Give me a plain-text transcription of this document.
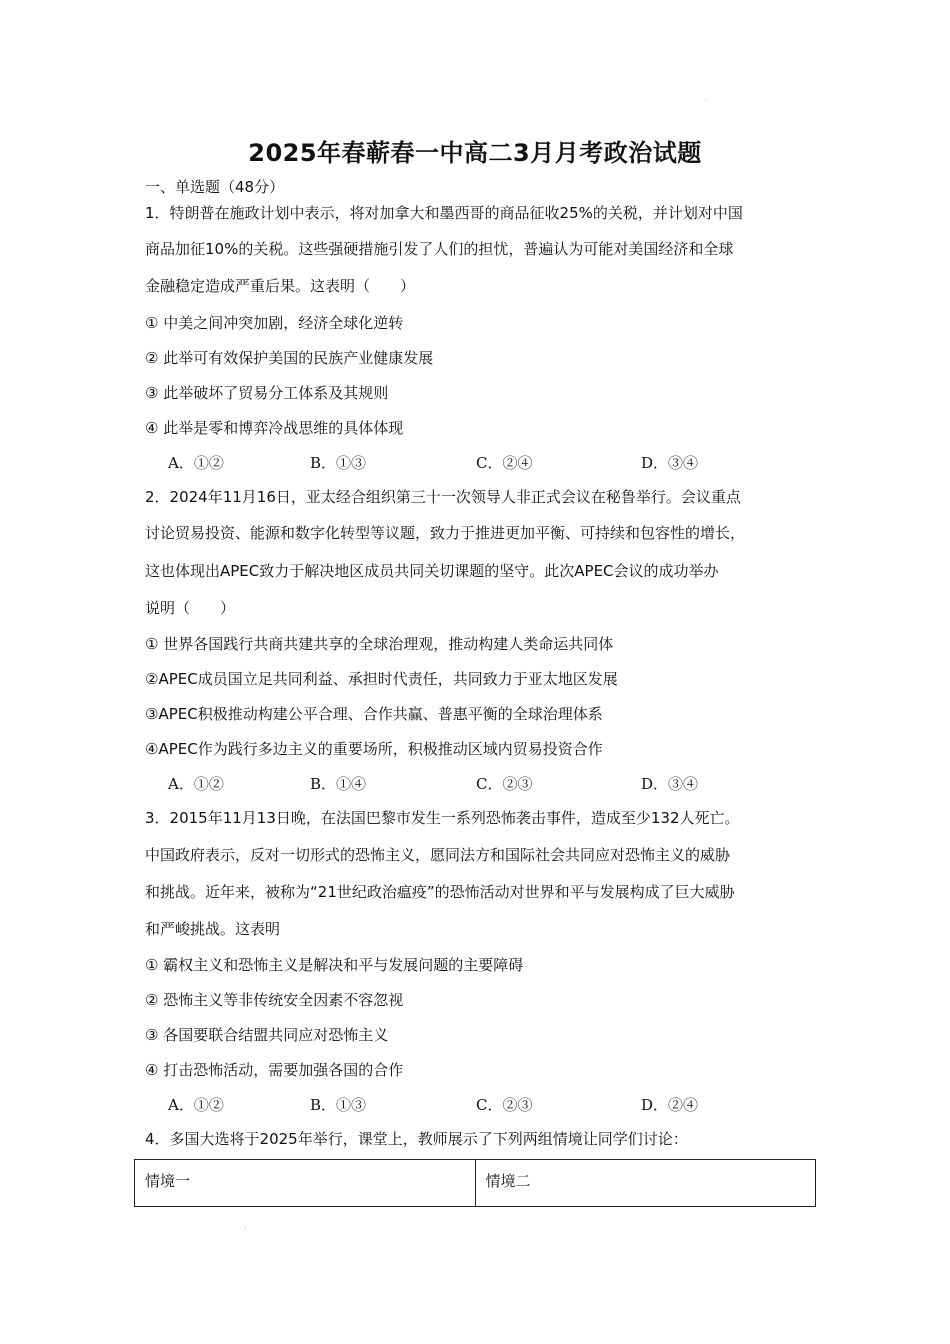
2025年春蕲春一中高二3月月考政治试题
一、单选题（48分）
1．特朗普在施政计划中表示，将对加拿大和墨西哥的商品征收25%的关税，并计划对中国
商品加征10%的关税。这些强硬措施引发了人们的担忧，普遍认为可能对美国经济和全球
金融稳定造成严重后果。这表明（　　）
① 中美之间冲突加剧，经济全球化逆转
② 此举可有效保护美国的民族产业健康发展
③ 此举破坏了贸易分工体系及其规则
④ 此举是零和博弈冷战思维的具体体现
A．①②	B．①③	C．②④	D．③④
2．2024年11月16日，亚太经合组织第三十一次领导人非正式会议在秘鲁举行。会议重点
讨论贸易投资、能源和数字化转型等议题，致力于推进更加平衡、可持续和包容性的增长，
这也体现出APEC致力于解决地区成员共同关切课题的坚守。此次APEC会议的成功举办
说明（　　）
① 世界各国践行共商共建共享的全球治理观，推动构建人类命运共同体
②APEC成员国立足共同利益、承担时代责任，共同致力于亚太地区发展
③APEC积极推动构建公平合理、合作共赢、普惠平衡的全球治理体系
④APEC作为践行多边主义的重要场所，积极推动区域内贸易投资合作
A．①②	B．①④	C．②③	D．③④
3．2015年11月13日晚，在法国巴黎市发生一系列恐怖袭击事件，造成至少132人死亡。
中国政府表示，反对一切形式的恐怖主义，愿同法方和国际社会共同应对恐怖主义的威胁
和挑战。近年来，被称为“21世纪政治瘟疫”的恐怖活动对世界和平与发展构成了巨大威胁
和严峻挑战。这表明
① 霸权主义和恐怖主义是解决和平与发展问题的主要障碍
② 恐怖主义等非传统安全因素不容忽视
③ 各国要联合结盟共同应对恐怖主义
④ 打击恐怖活动，需要加强各国的合作
A．①②	B．①③	C．②③	D．②④
4．多国大选将于2025年举行，课堂上，教师展示了下列两组情境让同学们讨论：
情境一	情境二
